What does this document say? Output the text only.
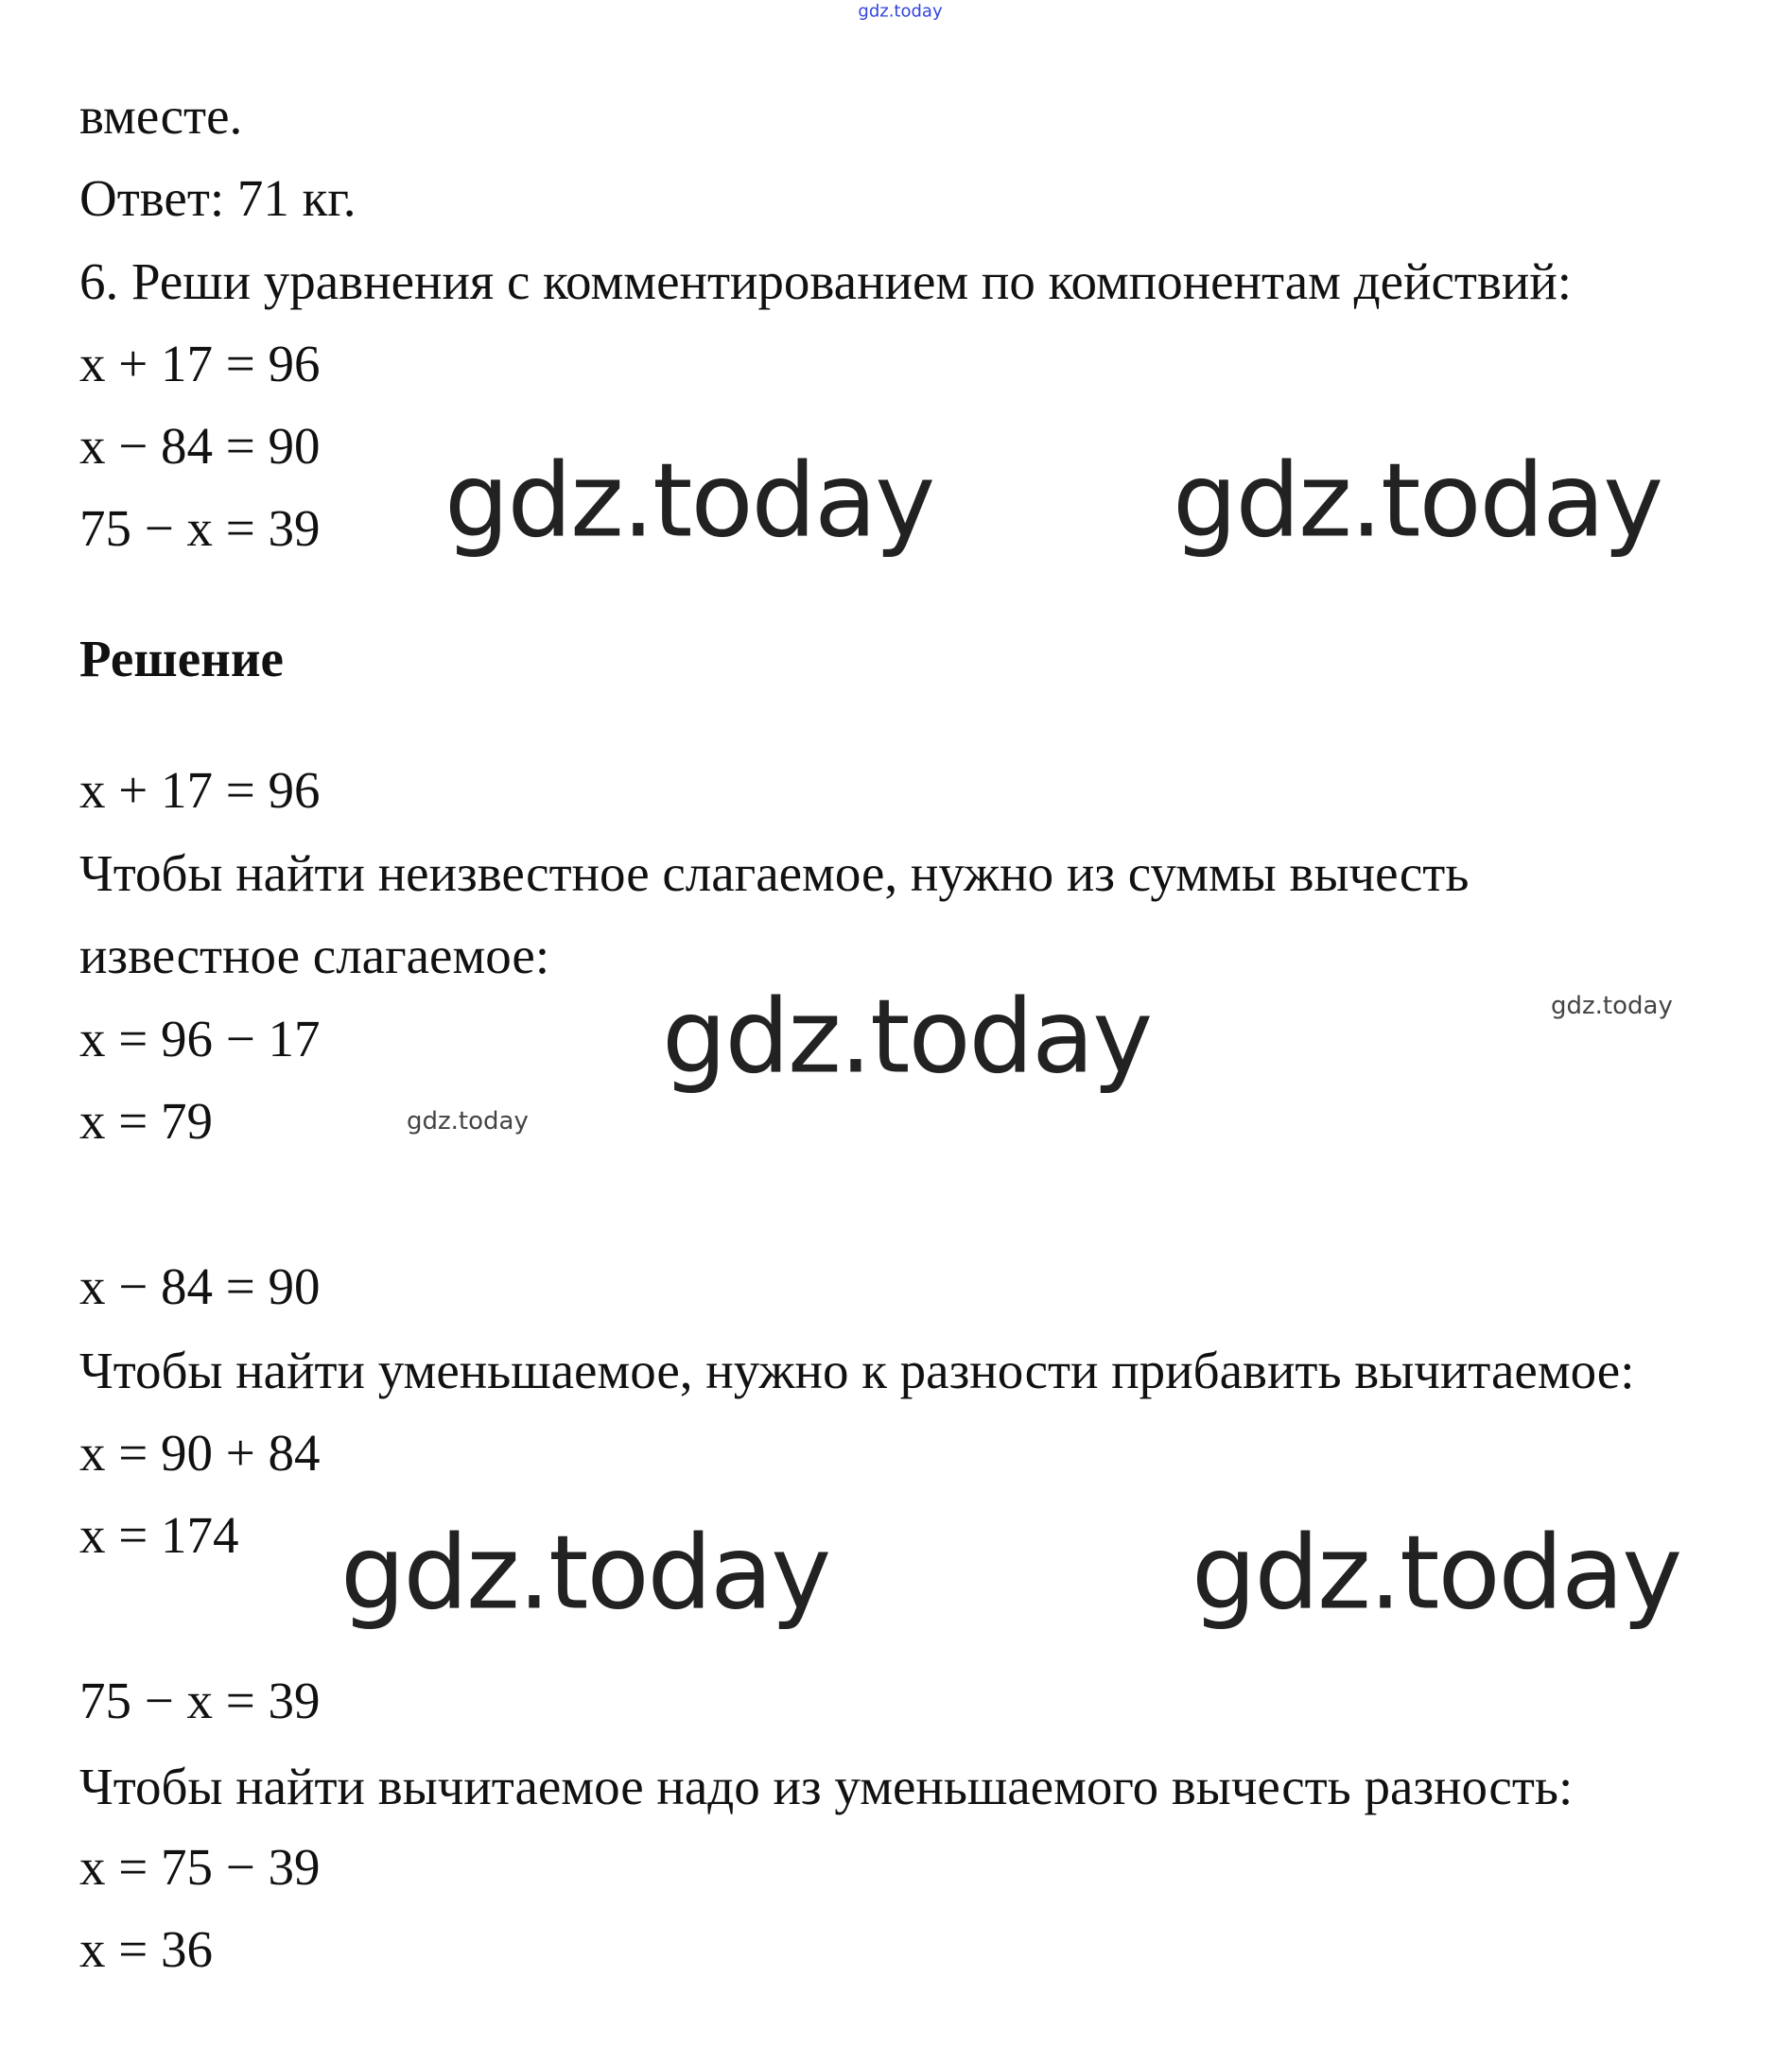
gdz.today
вместе.
Ответ: 71 кг.
6. Реши уравнения с комментированием по компонентам действий:
x + 17 = 96
x − 84 = 90
75 − x = 39
Решение
x + 17 = 96
Чтобы найти неизвестное слагаемое, нужно из суммы вычесть
известное слагаемое:
x = 96 − 17
x = 79
x − 84 = 90
Чтобы найти уменьшаемое, нужно к разности прибавить вычитаемое:
x = 90 + 84
x = 174
75 − x = 39
Чтобы найти вычитаемое надо из уменьшаемого вычесть разность:
x = 75 − 39
x = 36
gdz.today gdz.today
gdz.today
gdz.today	gdz.today
gdz.today
gdz.today
